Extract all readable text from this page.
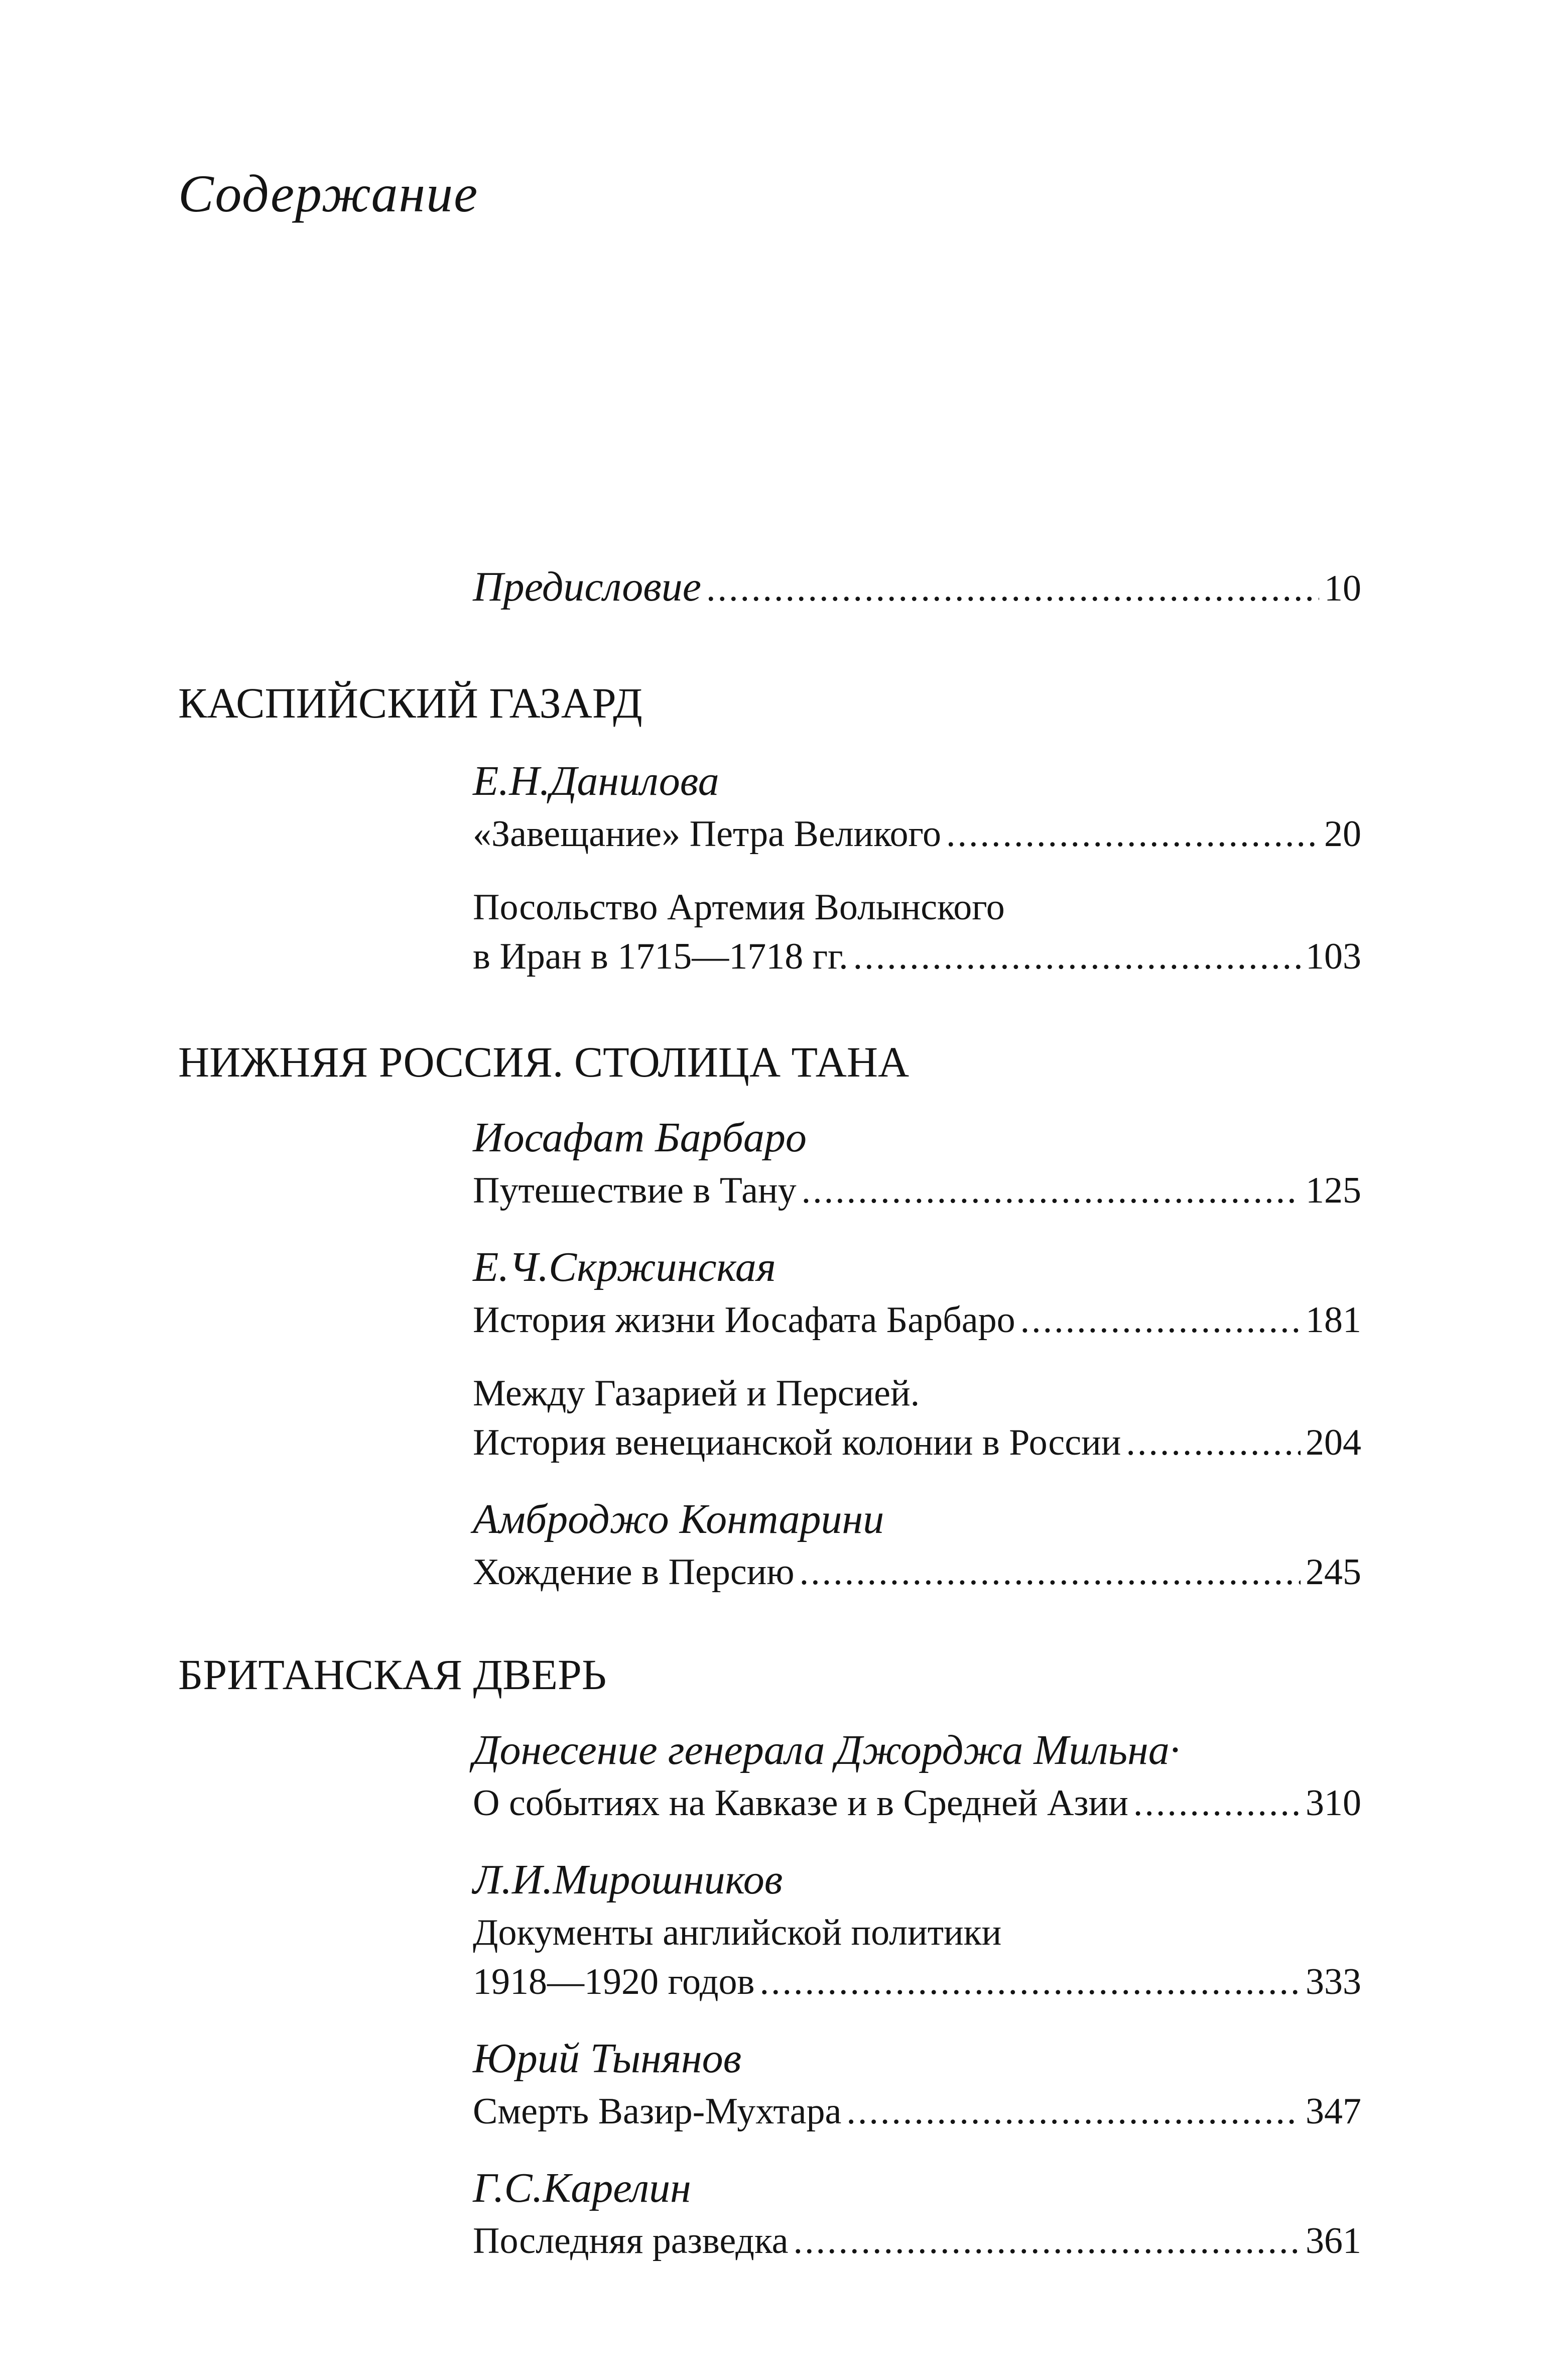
Содержание
Предисловие .....	10
КАСПИЙСКИЙ ГАЗАРД
Е.Н.Данилова
«Завещание» Петра Великого .....	20
Посольство Артемия Волынского
в Иран в 1715—1718 гг. .....	103
НИЖНЯЯ РОССИЯ. СТОЛИЦА ТАНА
Иосафат Барбаро
Путешествие в Тану .....	125
Е.Ч.Скржинская
История жизни Иосафата Барбаро .....	181
Между Газарией и Персией.
История венецианской колонии в России .....	204
Амброджо Контарини
Хождение в Персию .....	245
БРИТАНСКАЯ ДВЕРЬ
Донесение генерала Джорджа Мильна·
О событиях на Кавказе и в Средней Азии .....	310
Л.И.Мирошников
Документы английской политики
1918—1920 годов .....	333
Юрий Тынянов
Смерть Вазир-Мухтара .....	347
Г.С.Карелин
Последняя разведка .....	361
